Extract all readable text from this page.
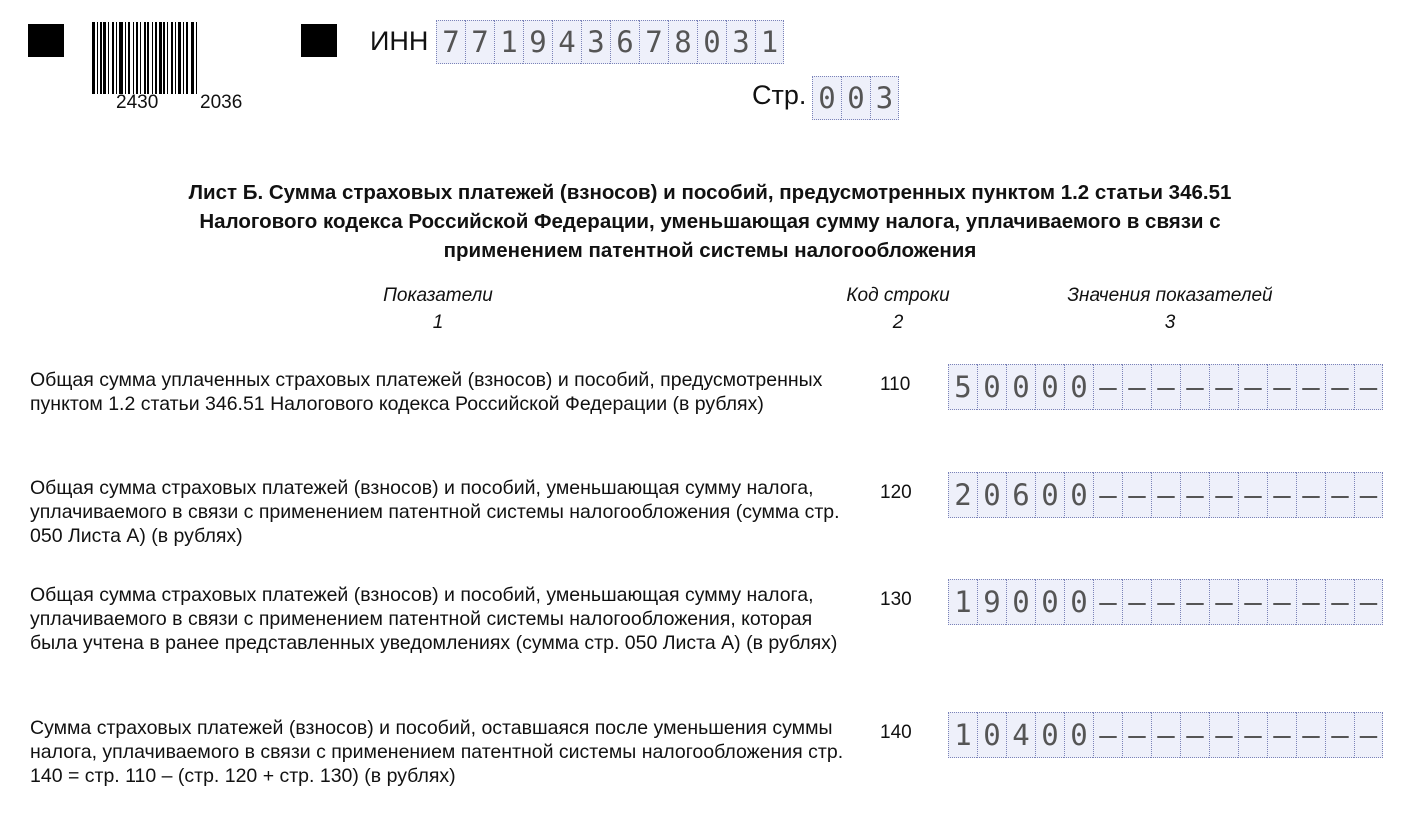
2430 2036
ИНН 7 7 1 9 4 3 6 7 8 0 3 1
Стр. 0 0 3
Лист Б. Сумма страховых платежей (взносов) и пособий, предусмотренных пунктом 1.2 статьи 346.51
Налогового кодекса Российской Федерации, уменьшающая сумму налога, уплачиваемого в связи с
применением патентной системы налогообложения
Показатели
1
Код строки
2
Значения показателей
3
Общая сумма уплаченных страховых платежей (взносов) и пособий, предусмотренных пунктом 1.2 статьи 346.51 Налогового кодекса Российской Федерации (в рублях)
110 5 0 0 0 0 – – – – – – – – – –
Общая сумма страховых платежей (взносов) и пособий, уменьшающая сумму налога, уплачиваемого в связи с применением патентной системы налогообложения (сумма стр. 050 Листа А) (в рублях)
120 2 0 6 0 0 – – – – – – – – – –
Общая сумма страховых платежей (взносов) и пособий, уменьшающая сумму налога, уплачиваемого в связи с применением патентной системы налогообложения, которая была учтена в ранее представленных уведомлениях (сумма стр. 050 Листа А) (в рублях)
130 1 9 0 0 0 – – – – – – – – – –
Сумма страховых платежей (взносов) и пособий, оставшаяся после уменьшения суммы налога, уплачиваемого в связи с применением патентной системы налогообложения стр. 140 = стр. 110 – (стр. 120 + стр. 130) (в рублях)
140 1 0 4 0 0 – – – – – – – – – –
